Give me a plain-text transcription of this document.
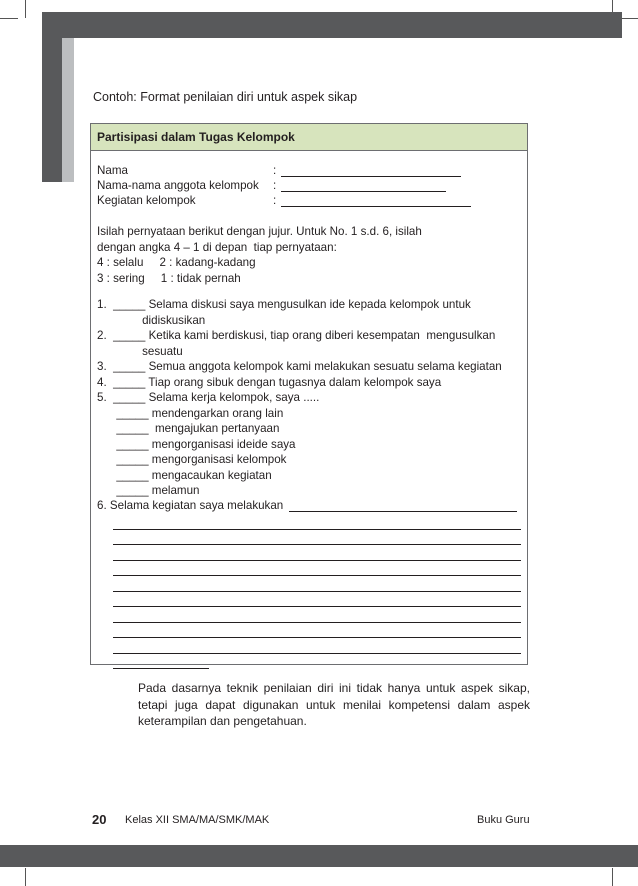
Contoh: Format penilaian diri untuk aspek sikap
Partisipasi dalam Tugas Kelompok
Nama	:
Nama-nama anggota kelompok :
Kegiatan kelompok	:
Isilah pernyataan berikut dengan jujur. Untuk No. 1 s.d. 6, isilah
dengan angka 4 – 1 di depan  tiap pernyataan:
4 : selalu     2 : kadang-kadang
3 : sering     1 : tidak pernah
1.  _____ Selama diskusi saya mengusulkan ide kepada kelompok untuk
didiskusikan
2.  _____ Ketika kami berdiskusi, tiap orang diberi kesempatan  mengusulkan
sesuatu
3.  _____ Semua anggota kelompok kami melakukan sesuatu selama kegiatan
4.  _____ Tiap orang sibuk dengan tugasnya dalam kelompok saya
5.  _____ Selama kerja kelompok, saya .....
_____ mendengarkan orang lain
_____  mengajukan pertanyaan
_____ mengorganisasi ideide saya
_____ mengorganisasi kelompok
_____ mengacaukan kegiatan
_____ melamun
6. Selama kegiatan saya melakukan
Pada dasarnya teknik penilaian diri ini tidak hanya untuk aspek sikap, tetapi juga dapat digunakan untuk menilai kompetensi dalam aspek keterampilan dan pengetahuan.
20 Kelas XII SMA/MA/SMK/MAK	Buku Guru
